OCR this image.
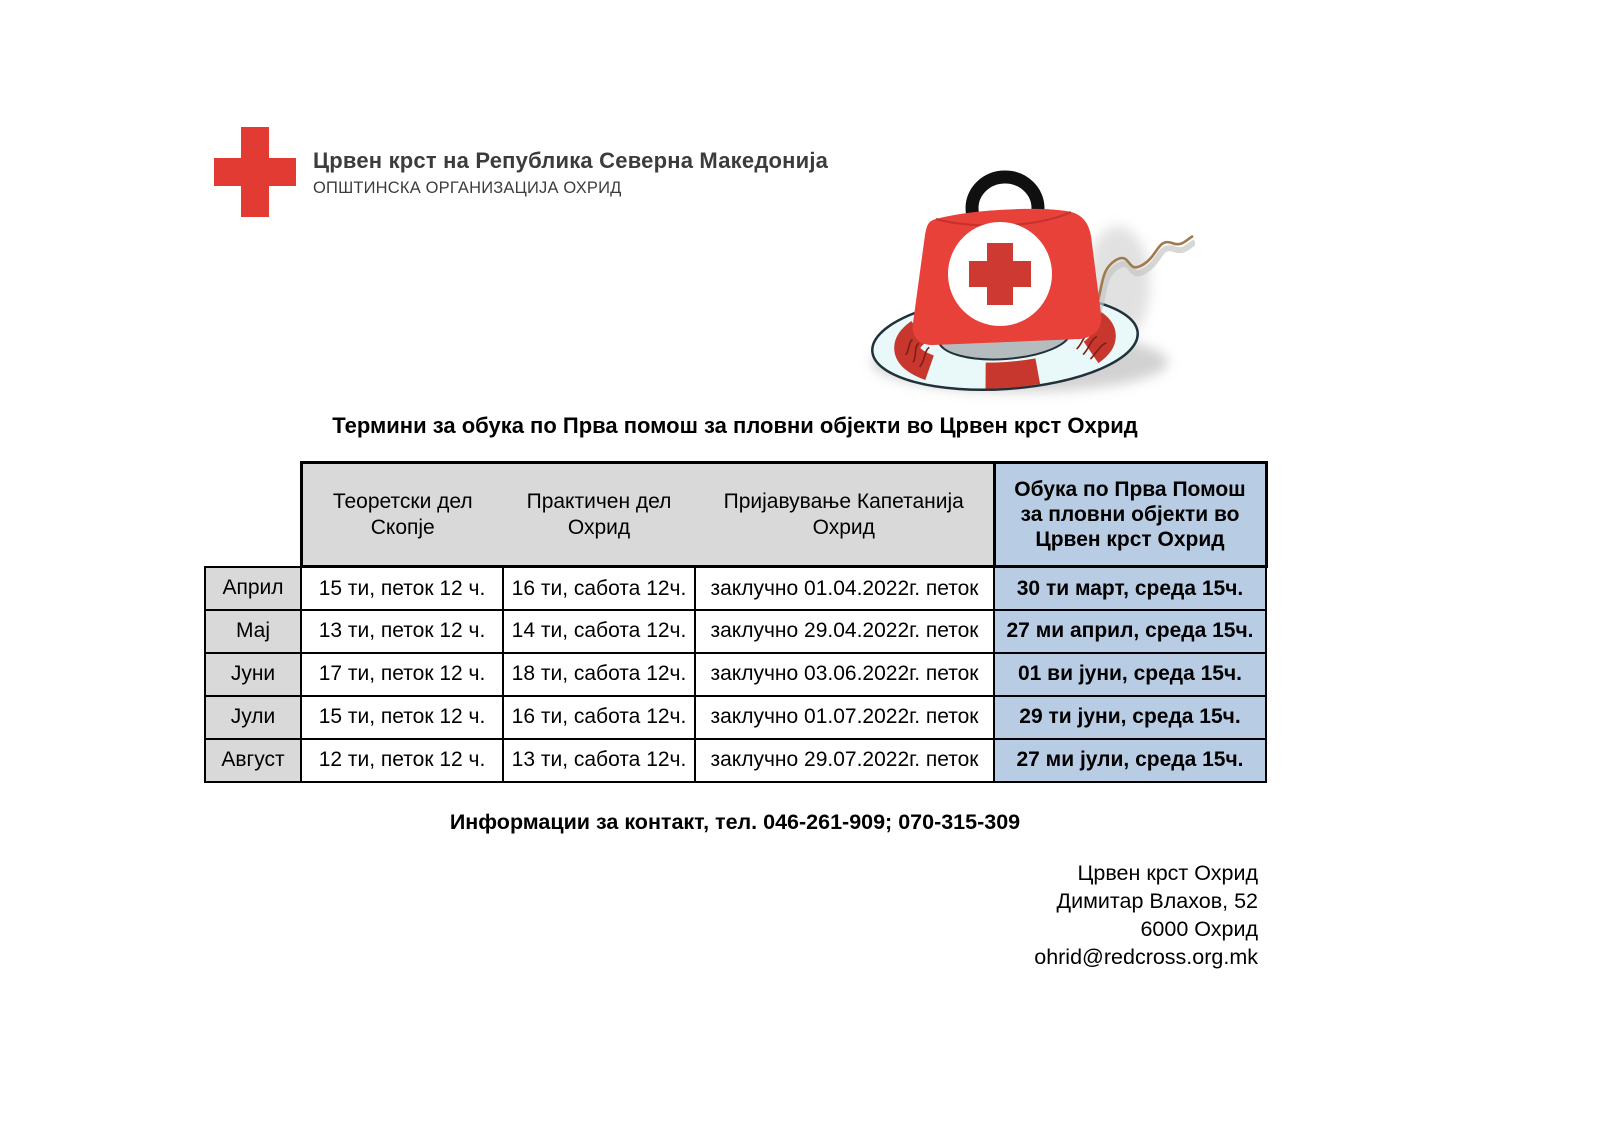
Црвен крст на Република Северна Македонија
ОПШТИНСКА ОРГАНИЗАЦИЈА ОХРИД
Термини за обука по Прва помош за пловни објекти во Црвен крст Охрид
	Теоретски дел Скопје	Практичен дел Охрид	Пријавување Капетанија Охрид	Обука по Прва Помош за пловни објекти во Црвен крст Охрид
Април	15 ти, петок 12 ч.	16 ти, сабота 12ч.	заклучно 01.04.2022г. петок	30 ти март, среда 15ч.
Мај	13 ти, петок 12 ч.	14 ти, сабота 12ч.	заклучно 29.04.2022г. петок	27 ми април, среда 15ч.
Јуни	17 ти, петок 12 ч.	18 ти, сабота 12ч.	заклучно 03.06.2022г. петок	01 ви јуни, среда 15ч.
Јули	15 ти, петок 12 ч.	16 ти, сабота 12ч.	заклучно 01.07.2022г. петок	29 ти јуни, среда 15ч.
Август	12 ти, петок 12 ч.	13 ти, сабота 12ч.	заклучно 29.07.2022г. петок	27 ми јули, среда 15ч.
Информации за контакт, тел. 046-261-909; 070-315-309
Црвен крст Охрид
Димитар Влахов, 52
6000 Охрид
ohrid@redcross.org.mk
